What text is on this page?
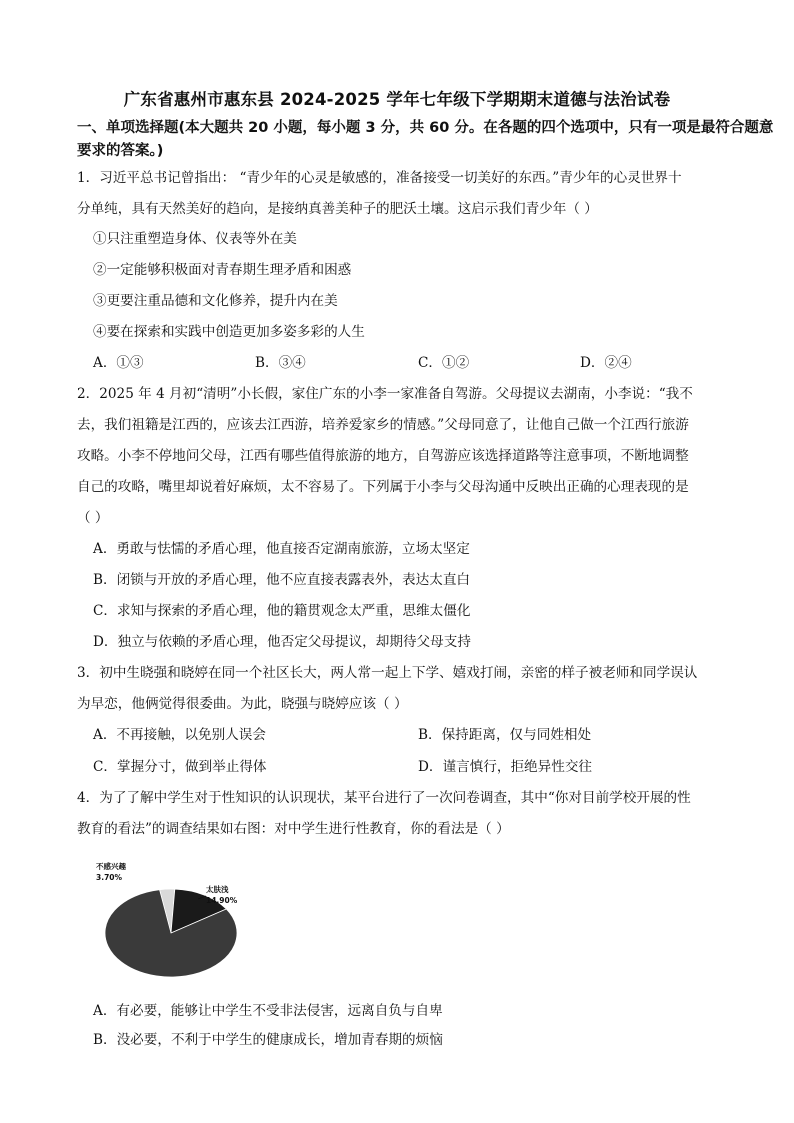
广东省惠州市惠东县 2024-2025 学年七年级下学期期末道德与法治试卷
一、单项选择题(本大题共 20 小题，每小题 3 分，共 60 分。在各题的四个选项中，只有一项是最符合题意要求的答案。)
1．习近平总书记曾指出： “青少年的心灵是敏感的，准备接受一切美好的东西。”青少年的心灵世界十
分单纯，具有天然美好的趋向，是接纳真善美种子的肥沃土壤。这启示我们青少年（ ）
①只注重塑造身体、仪表等外在美
②一定能够积极面对青春期生理矛盾和困惑
③更要注重品德和文化修养，提升内在美
④要在探索和实践中创造更加多姿多彩的人生
A．①③	B．③④	C．①②	D．②④
2．2025 年 4 月初“清明”小长假，家住广东的小李一家准备自驾游。父母提议去湖南，小李说：“我不
去，我们祖籍是江西的，应该去江西游，培养爱家乡的情感。”父母同意了，让他自己做一个江西行旅游
攻略。小李不停地问父母，江西有哪些值得旅游的地方，自驾游应该选择道路等注意事项，不断地调整
自己的攻略，嘴里却说着好麻烦，太不容易了。下列属于小李与父母沟通中反映出正确的心理表现的是
（ ）
A．勇敢与怯懦的矛盾心理，他直接否定湖南旅游，立场太坚定
B．闭锁与开放的矛盾心理，他不应直接表露表外，表达太直白
C．求知与探索的矛盾心理，他的籍贯观念太严重，思维太僵化
D．独立与依赖的矛盾心理，他否定父母提议，却期待父母支持
3．初中生晓强和晓婷在同一个社区长大，两人常一起上下学、嬉戏打闹，亲密的样子被老师和同学误认
为早恋，他俩觉得很委曲。为此，晓强与晓婷应该（ ）
A．不再接触，以免别人误会	B．保持距离，仅与同姓相处
C．掌握分寸，做到举止得体	D．谨言慎行，拒绝异性交往
4．为了了解中学生对于性知识的认识现状，某平台进行了一次问卷调查，其中“你对目前学校开展的性
教育的看法”的调查结果如右图：对中学生进行性教育，你的看法是（ ）
不感兴趣
3.70%
太肤浅
14.90%
A．有必要，能够让中学生不受非法侵害，远离自负与自卑
B．没必要，不利于中学生的健康成长，增加青春期的烦恼
